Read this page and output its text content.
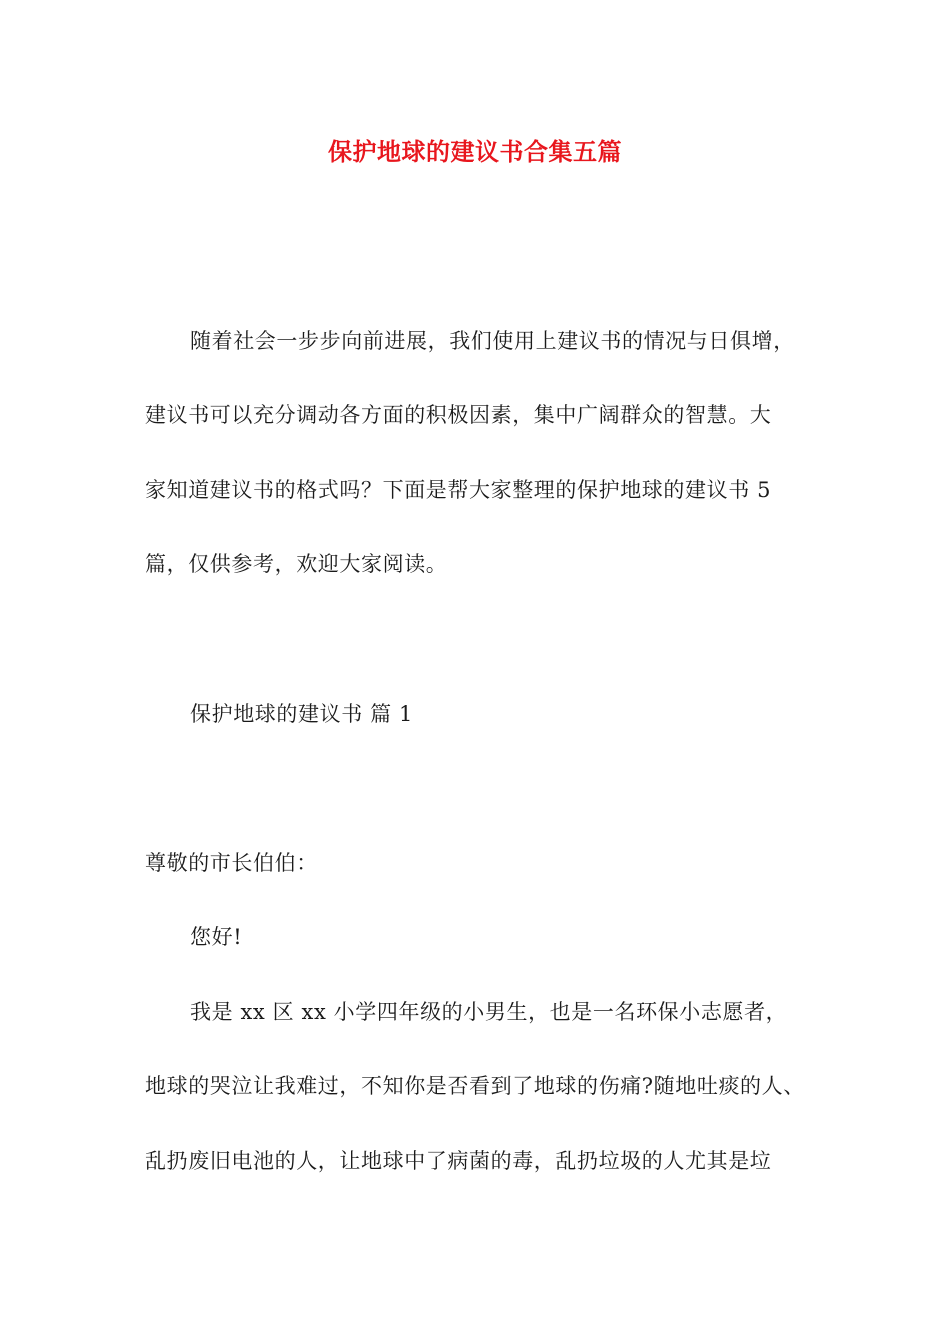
保护地球的建议书合集五篇
随着社会一步步向前进展，我们使用上建议书的情况与日俱增，
建议书可以充分调动各方面的积极因素，集中广阔群众的智慧。大
家知道建议书的格式吗？下面是帮大家整理的保护地球的建议书 5
篇，仅供参考，欢迎大家阅读。
保护地球的建议书 篇 1
尊敬的市长伯伯：
您好!
我是 xx 区 xx 小学四年级的小男生，也是一名环保小志愿者，
地球的哭泣让我难过，不知你是否看到了地球的伤痛?随地吐痰的人、
乱扔废旧电池的人，让地球中了病菌的毒，乱扔垃圾的人尤其是垃
